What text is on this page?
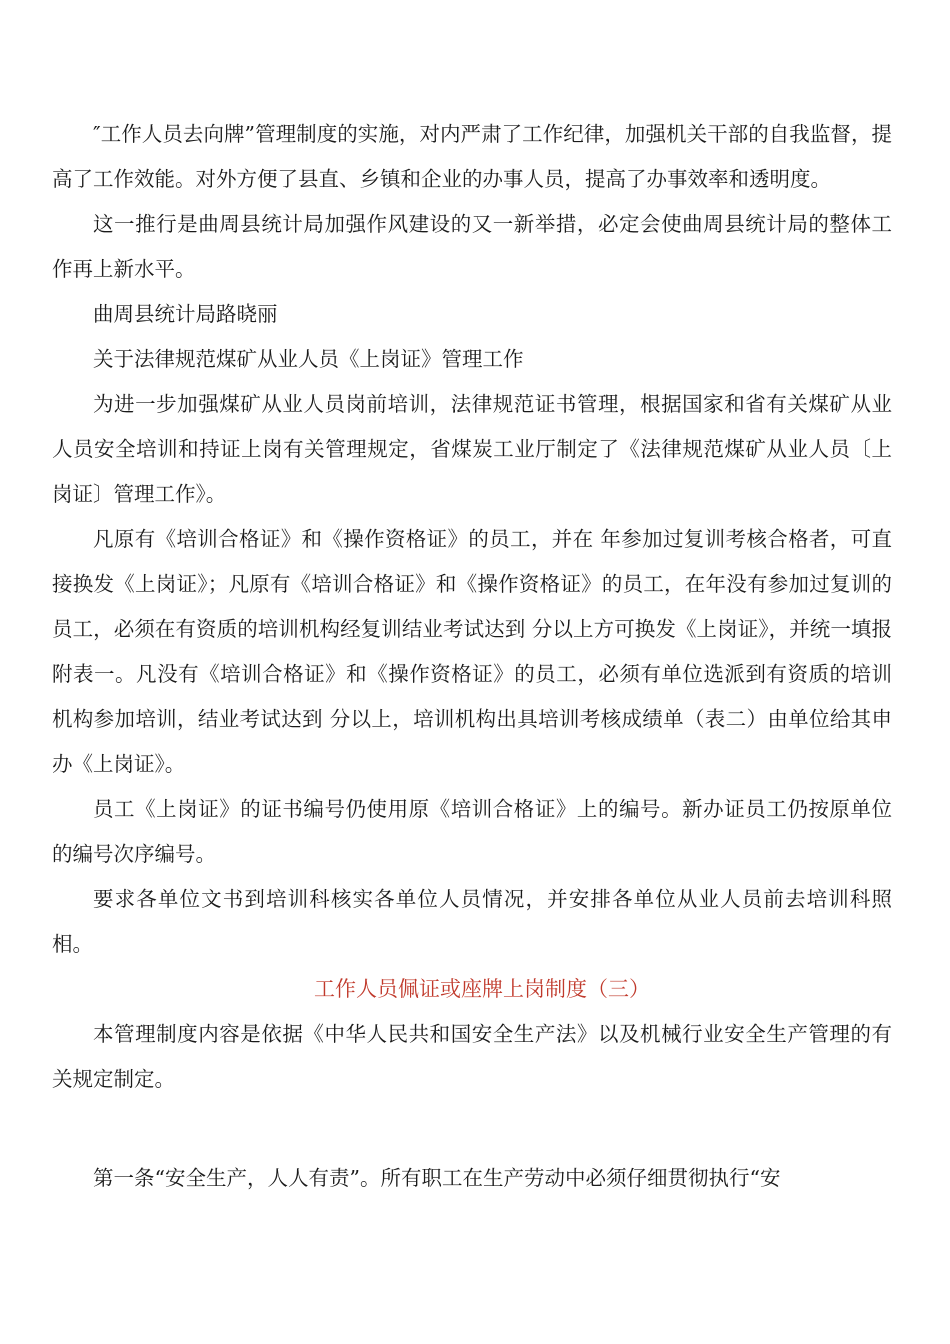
″工作人员去向牌”管理制度的实施，对内严肃了工作纪律，加强机关干部的自我监督，提高了工作效能。对外方便了县直、乡镇和企业的办事人员，提高了办事效率和透明度。

这一推行是曲周县统计局加强作风建设的又一新举措，必定会使曲周县统计局的整体工作再上新水平。

曲周县统计局路晓丽

关于法律规范煤矿从业人员《上岗证》管理工作

为进一步加强煤矿从业人员岗前培训，法律规范证书管理，根据国家和省有关煤矿从业人员安全培训和持证上岗有关管理规定，省煤炭工业厅制定了《法律规范煤矿从业人员〔上岗证〕管理工作》。

凡原有《培训合格证》和《操作资格证》的员工，并在 年参加过复训考核合格者，可直接换发《上岗证》；凡原有《培训合格证》和《操作资格证》的员工，在年没有参加过复训的员工，必须在有资质的培训机构经复训结业考试达到 分以上方可换发《上岗证》，并统一填报附表一。凡没有《培训合格证》和《操作资格证》的员工，必须有单位选派到有资质的培训机构参加培训，结业考试达到 分以上，培训机构出具培训考核成绩单（表二）由单位给其申办《上岗证》。

员工《上岗证》的证书编号仍使用原《培训合格证》上的编号。新办证员工仍按原单位的编号次序编号。

要求各单位文书到培训科核实各单位人员情况，并安排各单位从业人员前去培训科照相。

工作人员佩证或座牌上岗制度（三）

本管理制度内容是依据《中华人民共和国安全生产法》以及机械行业安全生产管理的有关规定制定。

第一条“安全生产，人人有责”。所有职工在生产劳动中必须仔细贯彻执行“安
